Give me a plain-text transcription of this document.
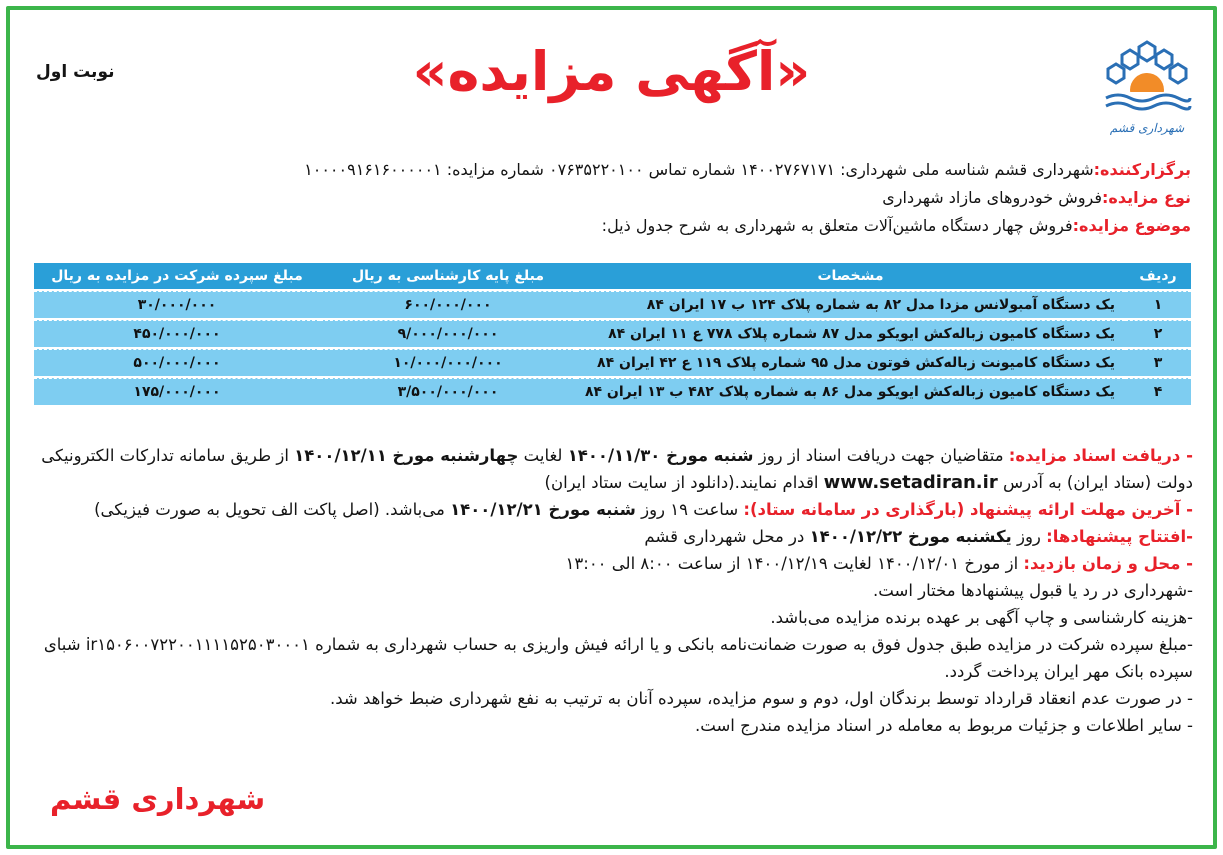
شهرداری قشم
نوبت اول	«آگهی مزایده»
برگزارکننده:شهرداری قشم شناسه ملی شهرداری: ۱۴۰۰۲۷۶۷۱۷۱ شماره تماس ۰۷۶۳۵۲۲۰۱۰۰ شماره مزایده: ۱۰۰۰۰۹۱۶۱۶۰۰۰۰۰۱
نوع مزایده:فروش خودروهای مازاد شهرداری
موضوع مزایده:فروش چهار دستگاه ماشین‌آلات متعلق به شهرداری به شرح جدول ذیل:
ردیف	مشخصات	مبلغ پایه کارشناسی به ریال	مبلغ سپرده شرکت در مزایده به ریال
۱	یک دستگاه آمبولانس مزدا مدل ۸۲ به شماره پلاک ۱۲۴ ب ۱۷ ایران ۸۴	۶۰۰/۰۰۰/۰۰۰	۳۰/۰۰۰/۰۰۰
۲	یک دستگاه کامیون زباله‌کش ایویکو مدل ۸۷ شماره پلاک ۷۷۸ ع ۱۱ ایران ۸۴	۹/۰۰۰/۰۰۰/۰۰۰	۴۵۰/۰۰۰/۰۰۰
۳	یک دستگاه کامیونت زباله‌کش فوتون مدل ۹۵ شماره پلاک ۱۱۹ ع ۴۲ ایران ۸۴	۱۰/۰۰۰/۰۰۰/۰۰۰	۵۰۰/۰۰۰/۰۰۰
۴	یک دستگاه کامیون زباله‌کش ایویکو مدل ۸۶ به شماره پلاک ۴۸۲ ب ۱۳ ایران ۸۴	۳/۵۰۰/۰۰۰/۰۰۰	۱۷۵/۰۰۰/۰۰۰

- دریافت اسناد مزایده: متقاضیان جهت دریافت اسناد از روز شنبه مورخ ۱۴۰۰/۱۱/۳۰ لغایت چهارشنبه مورخ ۱۴۰۰/۱۲/۱۱ از طریق سامانه تدارکات الکترونیکی دولت (ستاد ایران) به آدرس www.setadiran.ir اقدام نمایند.(دانلود از سایت ستاد ایران)

- آخرین مهلت ارائه پیشنهاد (بارگذاری در سامانه ستاد): ساعت ۱۹ روز شنبه مورخ ۱۴۰۰/۱۲/۲۱ می‌باشد. (اصل پاکت الف تحویل به صورت فیزیکی)

-افتتاح پیشنهادها: روز یکشنبه مورخ ۱۴۰۰/۱۲/۲۲ در محل شهرداری قشم

- محل و زمان بازدید: از مورخ ۱۴۰۰/۱۲/۰۱ لغایت ۱۴۰۰/۱۲/۱۹ از ساعت ۸:۰۰ الی ۱۳:۰۰

-شهرداری در رد یا قبول پیشنهادها مختار است.

-هزینه کارشناسی و چاپ آگهی بر عهده برنده مزایده می‌باشد.

-مبلغ سپرده شرکت در مزایده طبق جدول فوق به صورت ضمانت‌نامه بانکی و یا ارائه فیش واریزی به حساب شهرداری به شماره ir۱۵۰۶۰۰۷۲۲۰۰۱۱۱۱۵۲۵۰۳۰۰۰۱ شبای سپرده بانک مهر ایران پرداخت گردد.

- در صورت عدم انعقاد قرارداد توسط برندگان اول، دوم و سوم مزایده، سپرده آنان به ترتیب به نفع شهرداری ضبط خواهد شد.

- سایر اطلاعات و جزئیات مربوط به معامله در اسناد مزایده مندرج است.

شهرداری قشم
